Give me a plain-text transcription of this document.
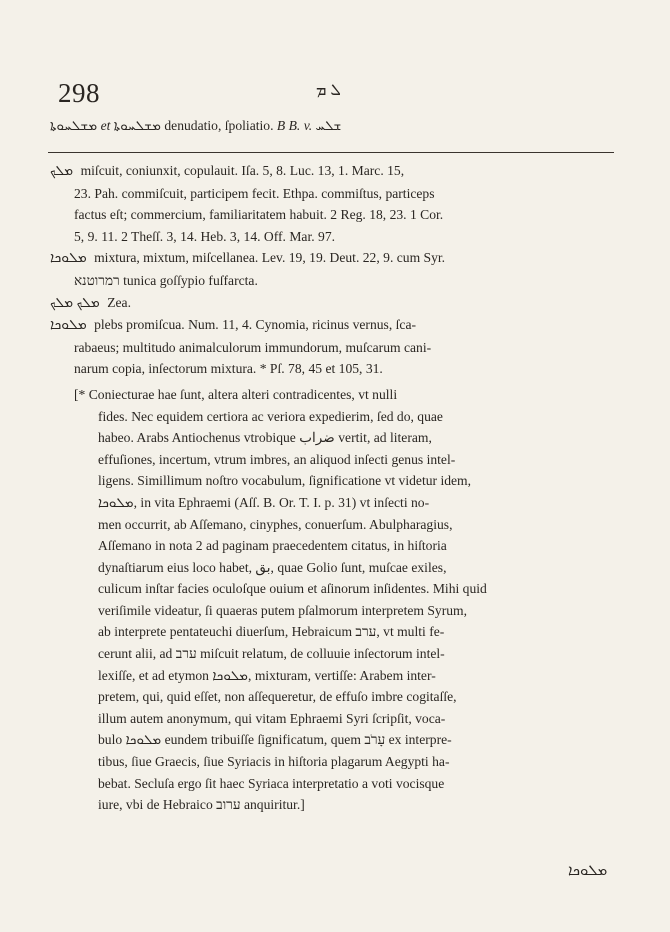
298	ܠ ܡ
ܡܫܠܚܘܬܐ et ܡܫܠܚܘܬܐ denudatio, ſpoliatio. B B. v. ܫܠܚ

ܡܠܟ miſcuit, coniunxit, copulauit. Iſa. 5, 8. Luc. 13, 1. Marc. 15,
23. Pah. commiſcuit, participem fecit. Ethpa. commiſtus, particeps
factus eſt; commercium, familiaritatem habuit. 2 Reg. 18, 23. 1 Cor.
5, 9. 11. 2 Theſſ. 3, 14. Heb. 3, 14. Off. Mar. 97.

ܡܠܘܟܐ mixtura, mixtum, miſcellanea. Lev. 19, 19. Deut. 22, 9. cum Syr.
רמרוטנא tunica goſſypio fuſfarcta.

ܡܠܟ ܡܠܟ Zea.

ܡܠܘܟܐ plebs promiſcua. Num. 11, 4. Cynomia, ricinus vernus, ſca-
rabaeus; multitudo animalculorum immundorum, muſcarum cani-
narum copia, inſectorum mixtura. * Pſ. 78, 45 et 105, 31.

[* Coniecturae hae ſunt, altera alteri contradicentes, vt nulli
fides. Nec equidem certiora ac veriora expedierim, ſed do, quae
habeo. Arabs Antiochenus vtrobique ضراب vertit, ad literam,
effuſiones, incertum, vtrum imbres, an aliquod inſecti genus intel-
ligens. Simillimum noſtro vocabulum, ſignificatione vt videtur idem,
ܡܠܘܟܐ, in vita Ephraemi (Aſſ. B. Or. T. I. p. 31) vt inſecti no-
men occurrit, ab Aſſemano, cinyphes, conuerſum. Abulpharagius,
Aſſemano in nota 2 ad paginam praecedentem citatus, in hiſtoria
dynaſtiarum eius loco habet, بق, quae Golio ſunt, muſcae exiles,
culicum inſtar facies oculoſque ouium et aſinorum inſidentes. Mihi quid
veriſimile videatur, ſi quaeras putem pſalmorum interpretem Syrum,
ab interprete pentateuchi diuerſum, Hebraicum ערב, vt multi fe-
cerunt alii, ad ערב miſcuit relatum, de colluuie inſectorum intel-
lexiſſe, et ad etymon ܡܠܘܟܐ, mixturam, vertiſſe: Arabem inter-
pretem, qui, quid eſſet, non aſſequeretur, de effuſo imbre cogitaſſe,
illum autem anonymum, qui vitam Ephraemi Syri ſcripſit, voca-
bulo ܡܠܘܟܐ eundem tribuiſſe ſignificatum, quem עָרֹב ex interpre-
tibus, ſiue Graecis, ſiue Syriacis in hiſtoria plagarum Aegypti ha-
bebat. Secluſa ergo ſit haec Syriaca interpretatio a voti vocisque
iure, vbi de Hebraico ערוב anquiritur.]
ܡܠܘܟܐ
